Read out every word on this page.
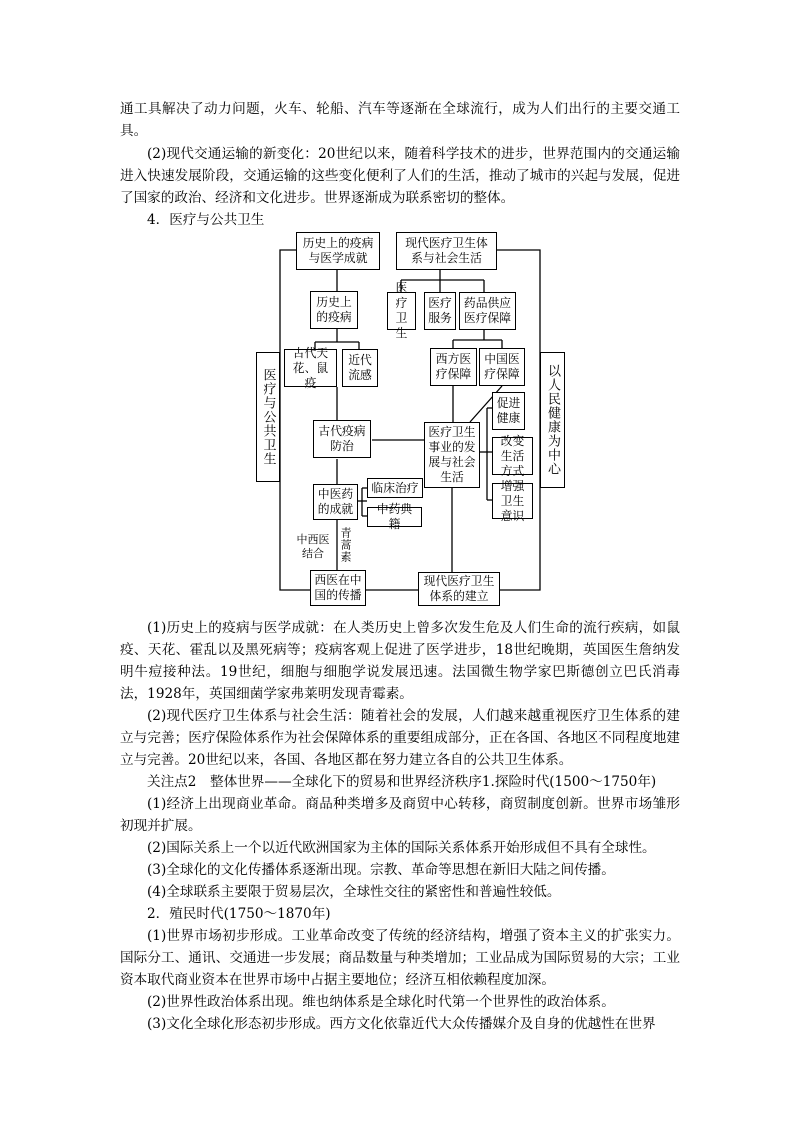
通工具解决了动力问题，火车、轮船、汽车等逐渐在全球流行，成为人们出行的主要交通工具。

(2)现代交通运输的新变化：20世纪以来，随着科学技术的进步，世界范围内的交通运输进入快速发展阶段，交通运输的这些变化便利了人们的生活，推动了城市的兴起与发展，促进了国家的政治、经济和文化进步。世界逐渐成为联系密切的整体。

4．医疗与公共卫生

医疗与公共卫生	以人民健康为中心
历史上的疫病与医学成就
现代医疗卫生体系与社会生活
历史上的疫病
古代天花、鼠疫
近代流感
古代疫病防治
中医药的成就
临床治疗
中药典籍
中西医结合	青蒿素
西医在中国的传播
医疗卫生
医疗服务
药品供应医疗保障
西方医疗保障
中国医疗保障
医疗卫生事业的发展与社会生活
促进健康
改变生活方式
增强卫生意识
现代医疗卫生体系的建立

(1)历史上的疫病与医学成就：在人类历史上曾多次发生危及人们生命的流行疾病，如鼠疫、天花、霍乱以及黑死病等；疫病客观上促进了医学进步，18世纪晚期，英国医生詹纳发明牛痘接种法。19世纪，细胞与细胞学说发展迅速。法国微生物学家巴斯德创立巴氏消毒法，1928年，英国细菌学家弗莱明发现青霉素。

(2)现代医疗卫生体系与社会生活：随着社会的发展，人们越来越重视医疗卫生体系的建立与完善；医疗保险体系作为社会保障体系的重要组成部分，正在各国、各地区不同程度地建立与完善。20世纪以来，各国、各地区都在努力建立各自的公共卫生体系。

关注点2　整体世界——全球化下的贸易和世界经济秩序1.探险时代(1500～1750年)

(1)经济上出现商业革命。商品种类增多及商贸中心转移，商贸制度创新。世界市场雏形初现并扩展。

(2)国际关系上一个以近代欧洲国家为主体的国际关系体系开始形成但不具有全球性。

(3)全球化的文化传播体系逐渐出现。宗教、革命等思想在新旧大陆之间传播。

(4)全球联系主要限于贸易层次，全球性交往的紧密性和普遍性较低。

2．殖民时代(1750～1870年)

(1)世界市场初步形成。工业革命改变了传统的经济结构，增强了资本主义的扩张实力。国际分工、通讯、交通进一步发展；商品数量与种类增加；工业品成为国际贸易的大宗；工业资本取代商业资本在世界市场中占据主要地位；经济互相依赖程度加深。

(2)世界性政治体系出现。维也纳体系是全球化时代第一个世界性的政治体系。

(3)文化全球化形态初步形成。西方文化依靠近代大众传播媒介及自身的优越性在世界
